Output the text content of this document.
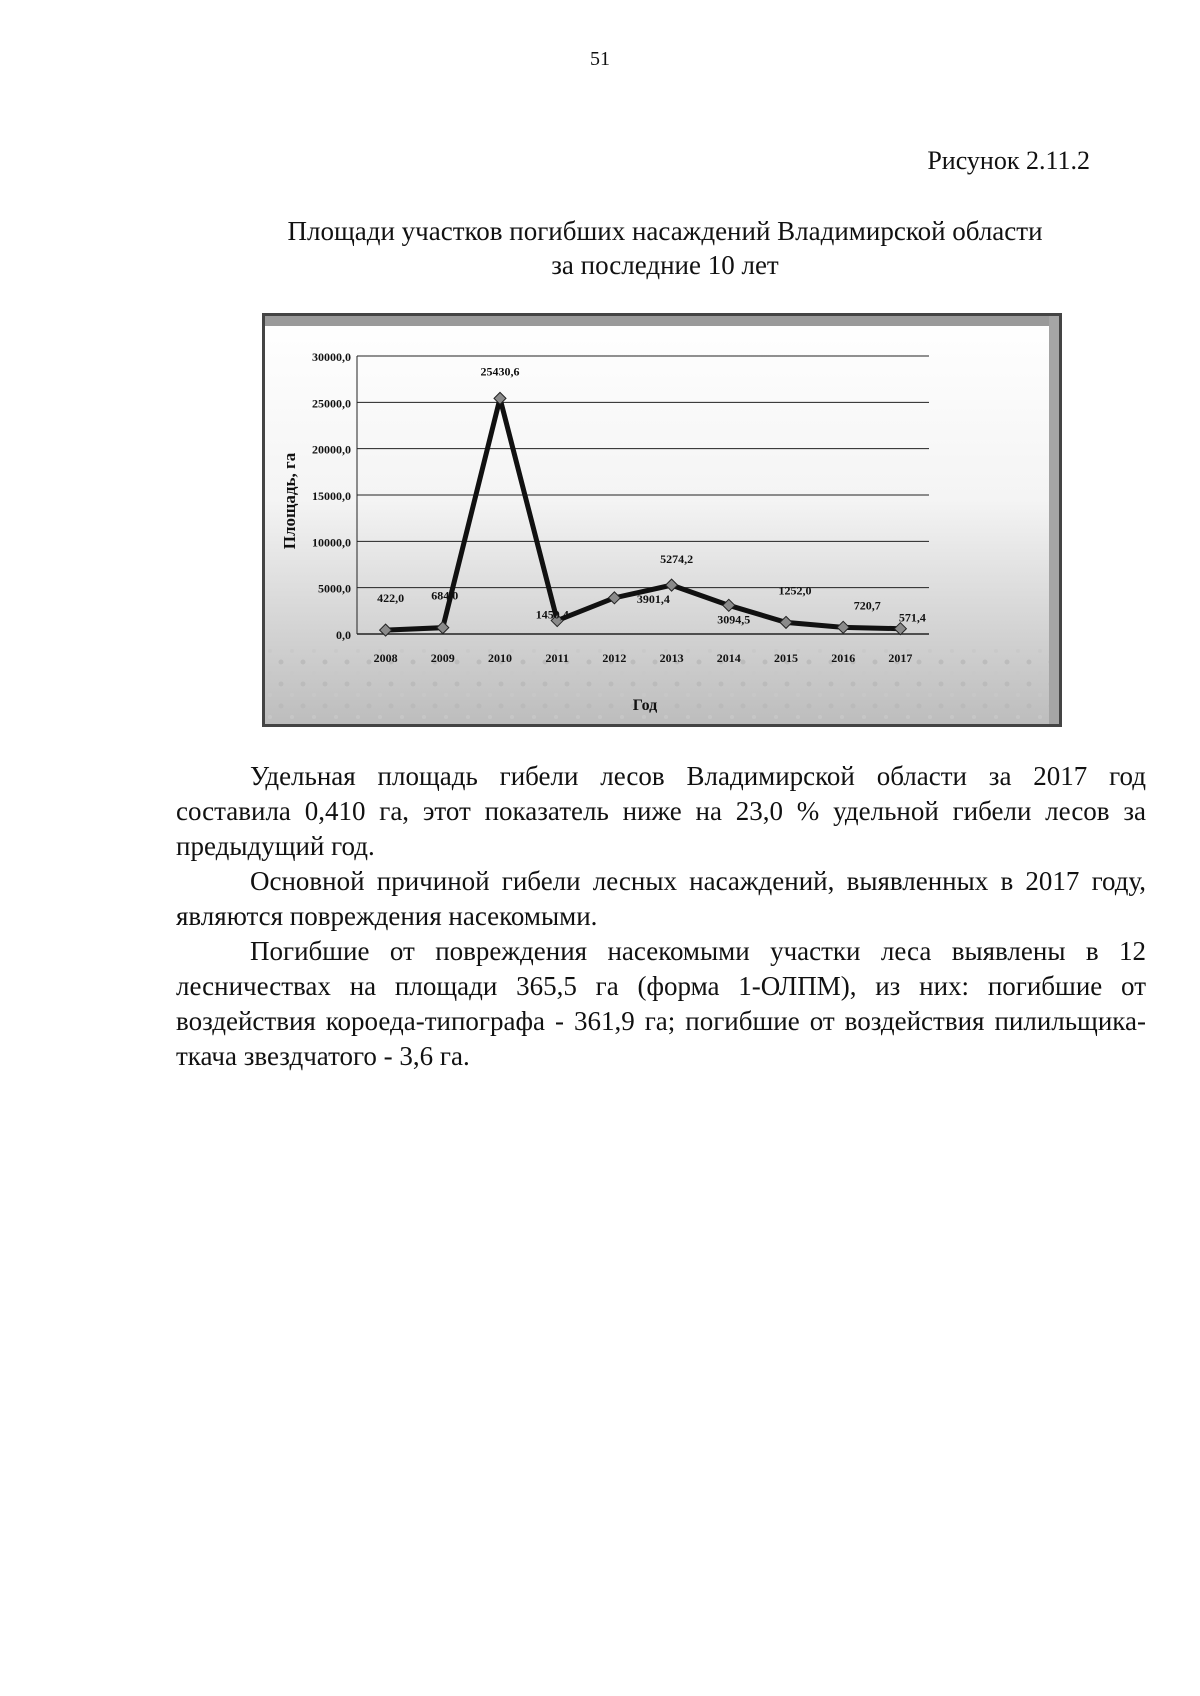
51
Рисунок 2.11.2
Площади участков погибших насаждений Владимирской области
за последние 10 лет
30000,0
25000,0
20000,0
15000,0
10000,0
5000,0
0,0
2008	2009	2010	2011	2012	2013	2014	2015	2016	2017
422,0 684,0
25430,6
1450,4
3901,4
5274,2
3094,5
1252,0
720,7
571,4
Площадь, га
Год

Удельная площадь гибели лесов Владимирской области за 2017 год составила 0,410 га, этот показатель ниже на 23,0 % удельной гибели лесов за предыдущий год.

Основной причиной гибели лесных насаждений, выявленных в 2017 году, являются повреждения насекомыми.

Погибшие от повреждения насекомыми участки леса выявлены в 12 лесничествах на площади 365,5 га (форма 1-ОЛПМ), из них: погибшие от воздействия короеда-типографа - 361,9 га; погибшие от воздействия пилильщика-ткача звездчатого - 3,6 га.
